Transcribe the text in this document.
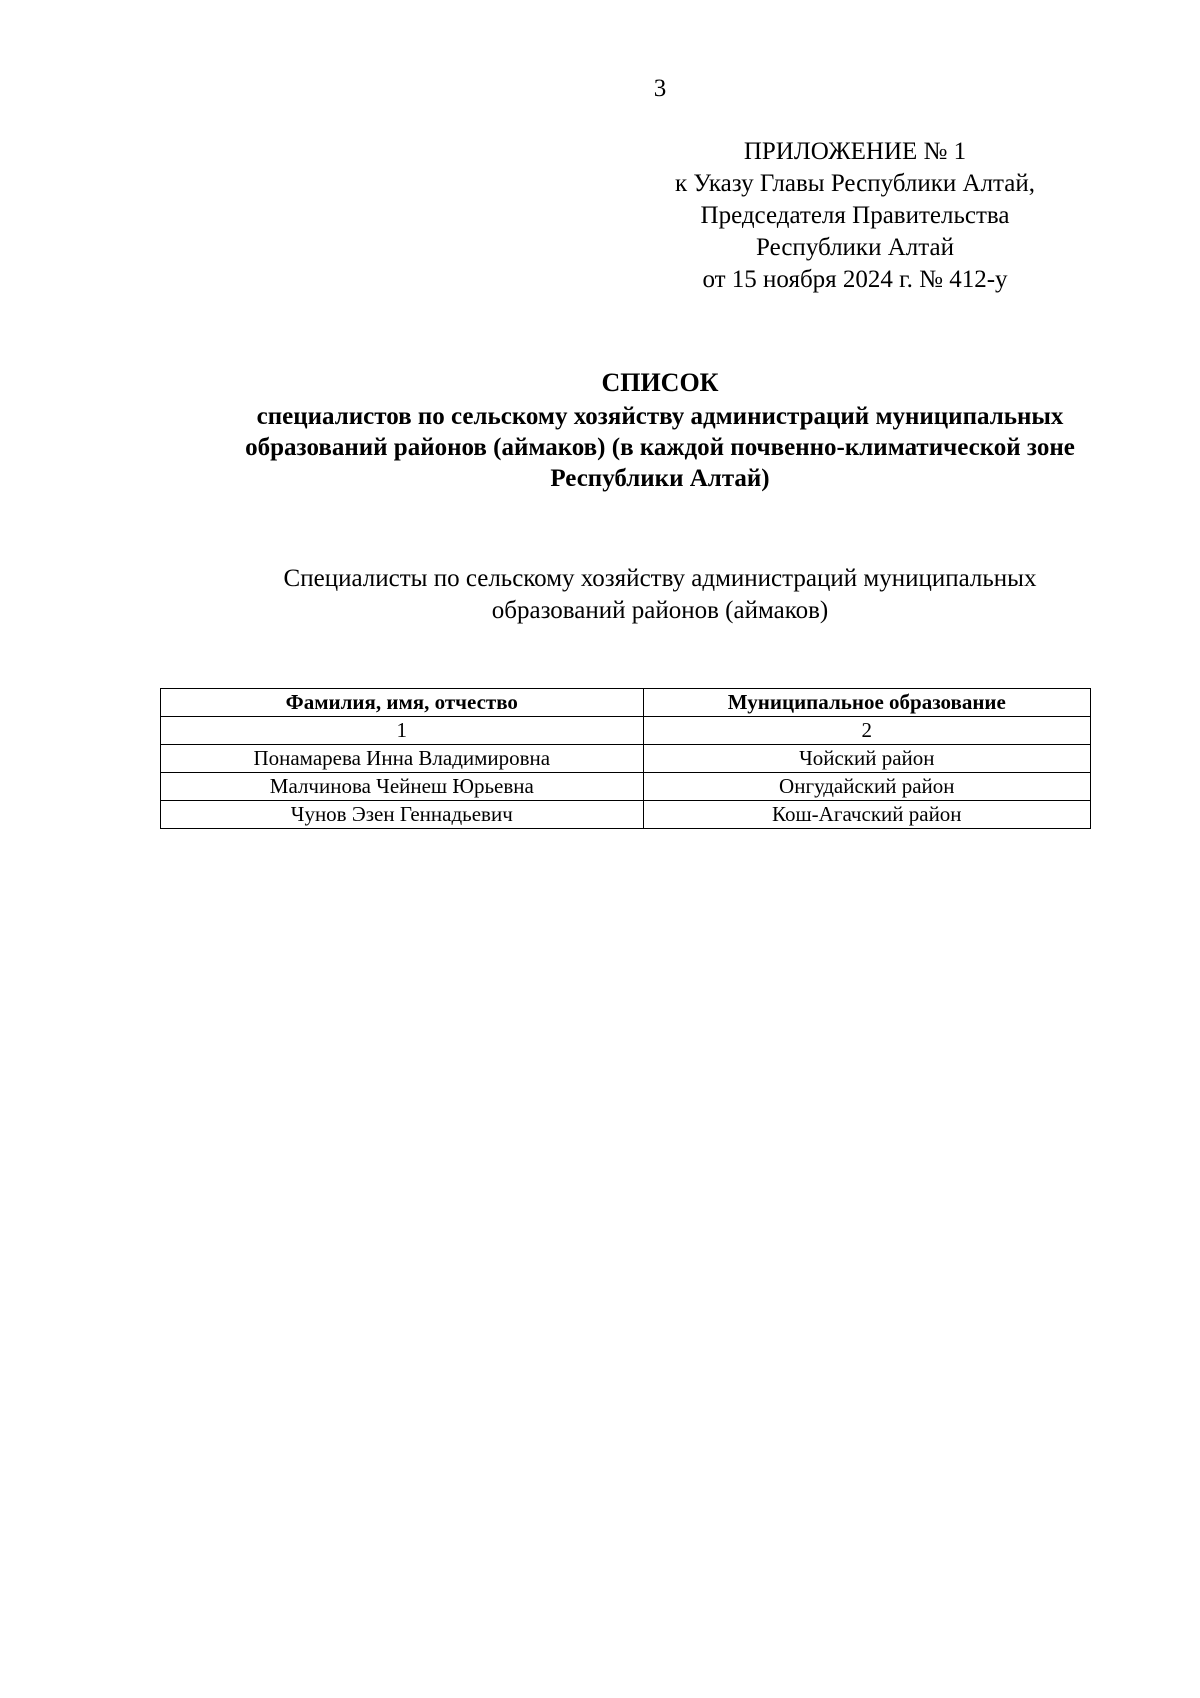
3
ПРИЛОЖЕНИЕ № 1
к Указу Главы Республики Алтай,
Председателя Правительства
Республики Алтай
от 15 ноября 2024 г. № 412-у
СПИСОК
специалистов по сельскому хозяйству администраций муниципальных
образований районов (аймаков) (в каждой почвенно-климатической зоне
Республики Алтай)
Специалисты по сельскому хозяйству администраций муниципальных
образований районов (аймаков)
Фамилия, имя, отчество	Муниципальное образование
1	2
Понамарева Инна Владимировна	Чойский район
Малчинова Чейнеш Юрьевна	Онгудайский район
Чунов Эзен Геннадьевич	Кош-Агачский район
